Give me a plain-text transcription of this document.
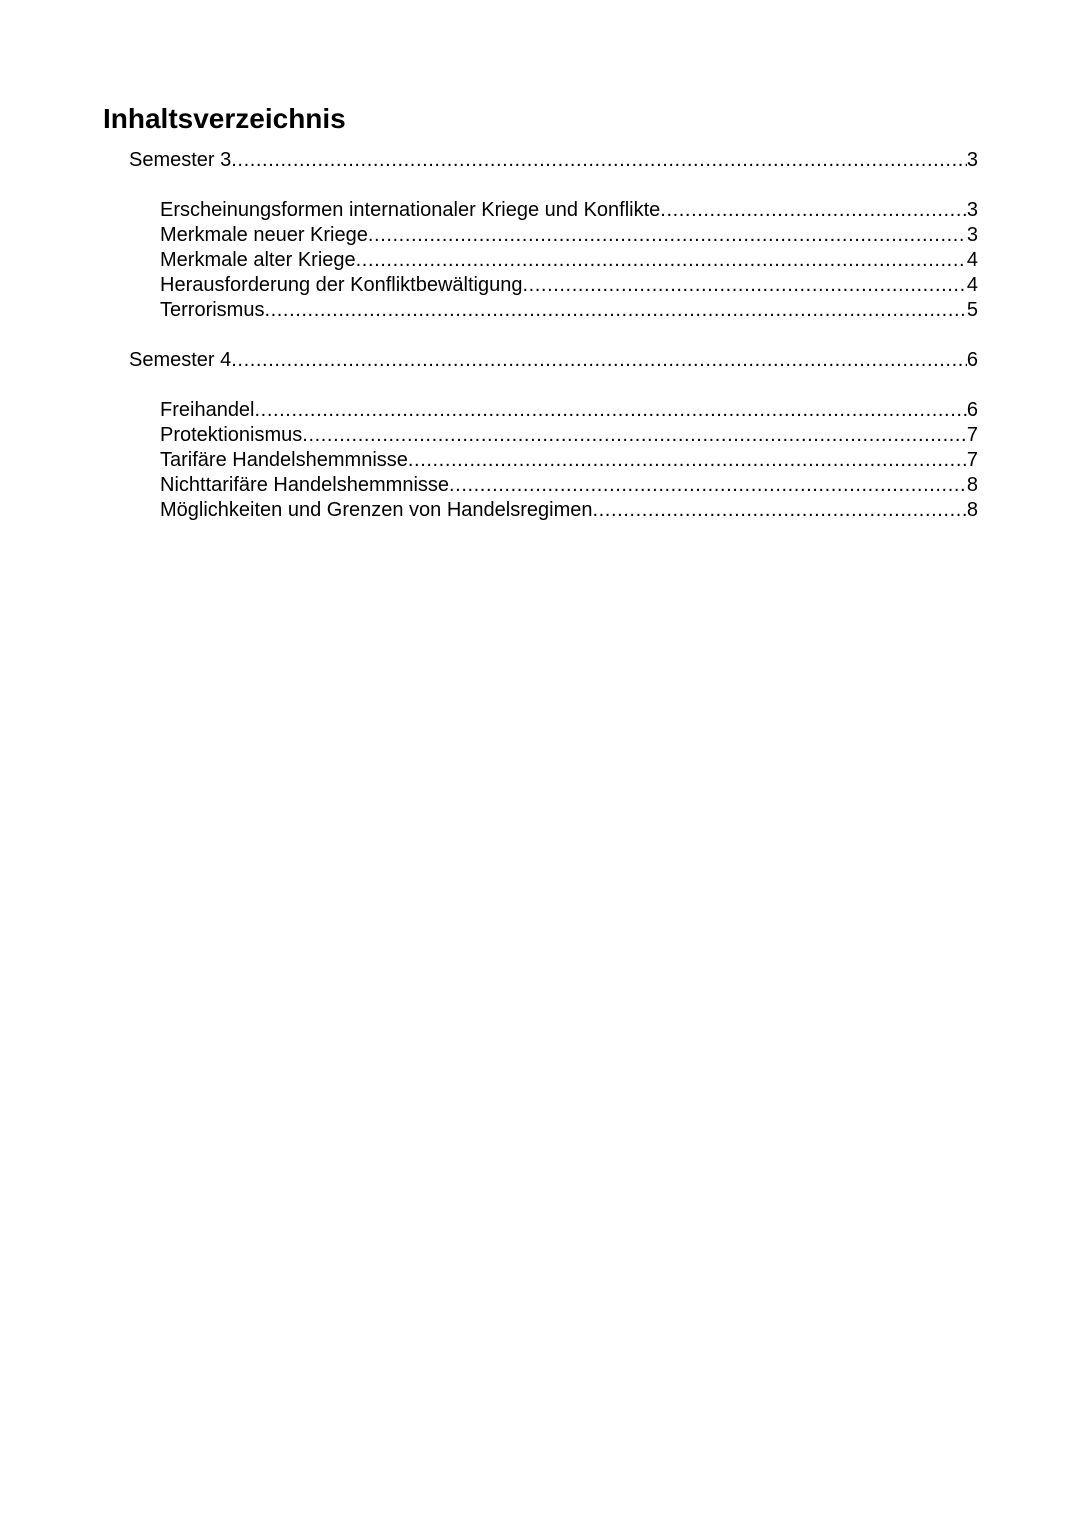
Inhaltsverzeichnis
Semester 3 .....	3
Erscheinungsformen internationaler Kriege und Konflikte .....	3
Merkmale neuer Kriege .....	3
Merkmale alter Kriege .....	4
Herausforderung der Konfliktbewältigung .....	4
Terrorismus .....	5
Semester 4 .....	6
Freihandel .....	6
Protektionismus .....	7
Tarifäre Handelshemmnisse .....	7
Nichttarifäre Handelshemmnisse .....	8
Möglichkeiten und Grenzen von Handelsregimen .....	8
